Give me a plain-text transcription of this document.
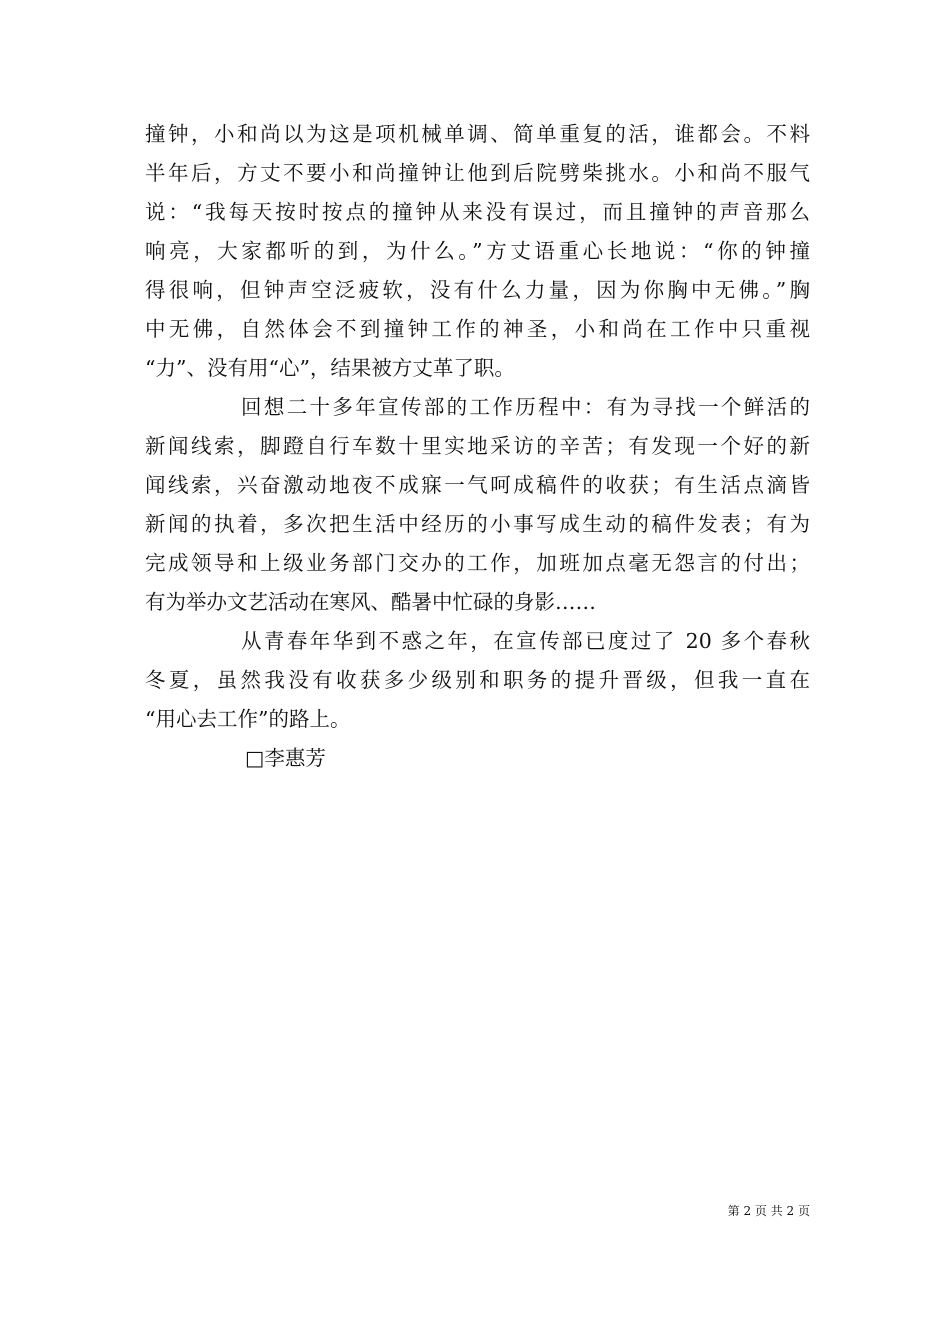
撞钟，小和尚以为这是项机械单调、简单重复的活，谁都会。不料
半年后，方丈不要小和尚撞钟让他到后院劈柴挑水。小和尚不服气
说：“我每天按时按点的撞钟从来没有误过，而且撞钟的声音那么
响亮，大家都听的到，为什么。”方丈语重心长地说：“你的钟撞
得很响，但钟声空泛疲软，没有什么力量，因为你胸中无佛。”胸
中无佛，自然体会不到撞钟工作的神圣，小和尚在工作中只重视
“力”、没有用“心”，结果被方丈革了职。
回想二十多年宣传部的工作历程中：有为寻找一个鲜活的
新闻线索，脚蹬自行车数十里实地采访的辛苦；有发现一个好的新
闻线索，兴奋激动地夜不成寐一气呵成稿件的收获；有生活点滴皆
新闻的执着，多次把生活中经历的小事写成生动的稿件发表；有为
完成领导和上级业务部门交办的工作，加班加点毫无怨言的付出；
有为举办文艺活动在寒风、酷暑中忙碌的身影……
从青春年华到不惑之年，在宣传部已度过了 20 多个春秋
冬夏，虽然我没有收获多少级别和职务的提升晋级，但我一直在
“用心去工作”的路上。
□李惠芳
第 2 页 共 2 页
